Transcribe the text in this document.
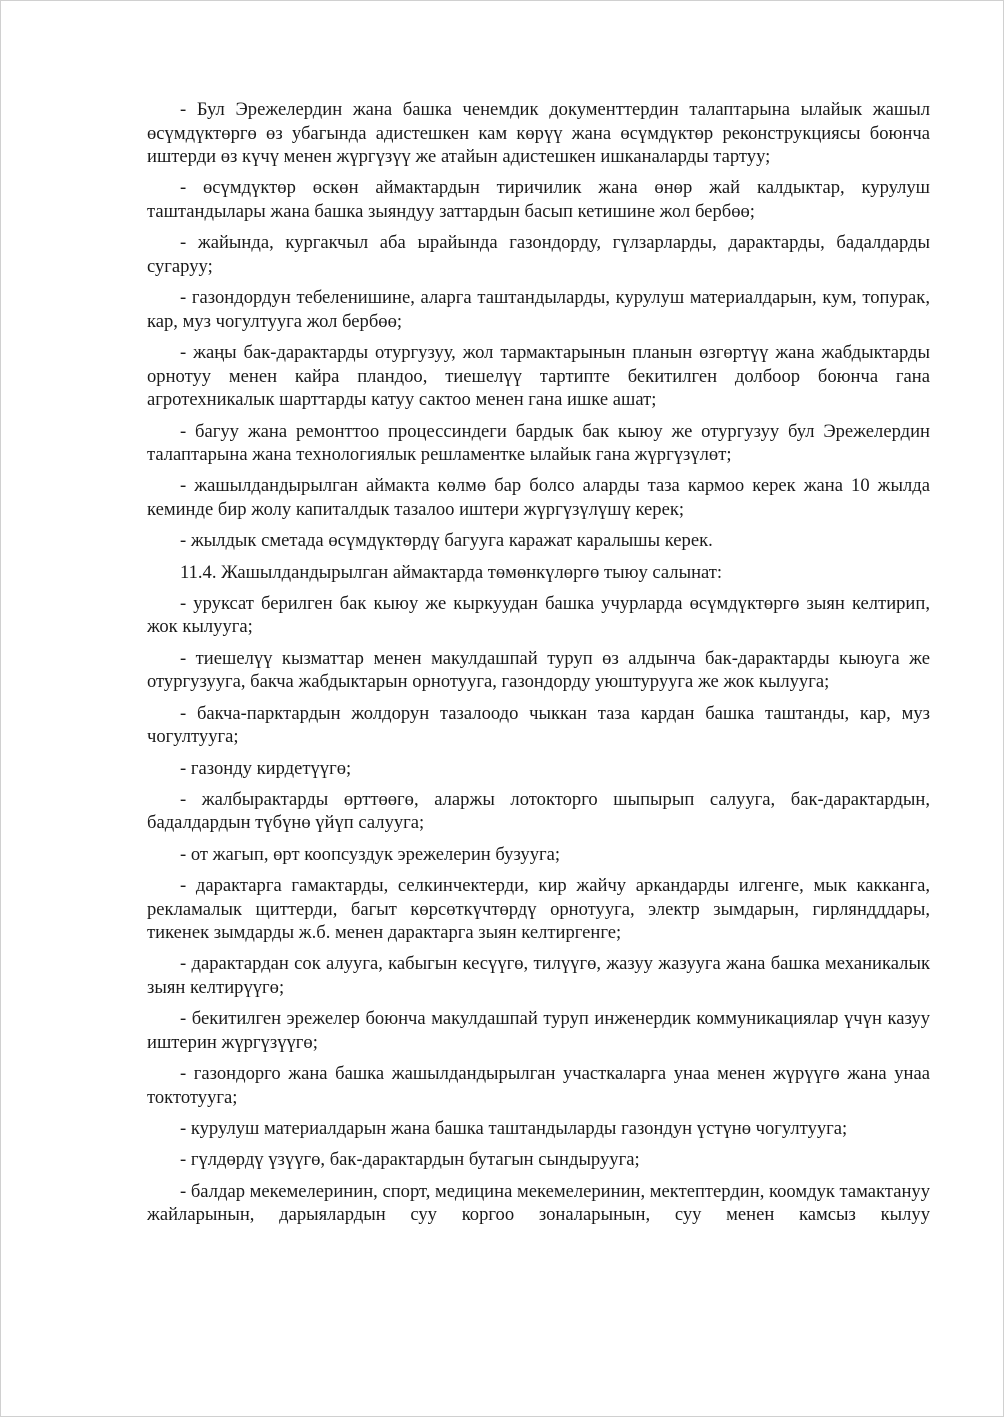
- Бул Эрежелердин жана башка ченемдик документтердин талаптарына ылайык жашыл өсүмдүктөргө өз убагында адистешкен кам көрүү жана өсүмдүктөр реконструкциясы боюнча иштерди өз күчү менен жүргүзүү же атайын адистешкен ишканаларды тартуу;

- өсүмдүктөр өскөн аймактардын тиричилик жана өнөр жай калдыктар, курулуш таштандылары жана башка зыяндуу заттардын басып кетишине жол бербөө;

- жайында, кургакчыл аба ырайында газондорду, гүлзарларды, дарактарды, бадалдарды сугаруу;

- газондордун тебеленишине, аларга таштандыларды, курулуш материалдарын, кум, топурак, кар, муз чогултууга жол бербөө;

- жаңы бак-дарактарды отургузуу, жол тармактарынын планын өзгөртүү жана жабдыктарды орнотуу менен кайра пландоо, тиешелүү тартипте бекитилген долбоор боюнча гана агротехникалык шарттарды катуу сактоо менен гана ишке ашат;

- багуу жана ремонттоо процессиндеги бардык бак кыюу же отургузуу бул Эрежелердин талаптарына жана технологиялык решламентке ылайык гана жүргүзүлөт;

- жашылдандырылган аймакта көлмө бар болсо аларды таза кармоо керек жана 10 жылда кеминде бир жолу капиталдык тазалоо иштери жүргүзүлүшү керек;

- жылдык сметада өсүмдүктөрдү багууга каражат каралышы керек.

11.4. Жашылдандырылган аймактарда төмөнкүлөргө тыюу салынат:

- уруксат берилген бак кыюу же кыркуудан башка учурларда өсүмдүктөргө зыян келтирип, жок кылууга;

- тиешелүү кызматтар менен макулдашпай туруп өз алдынча бак-дарактарды кыюуга же отургузууга, бакча жабдыктарын орнотууга, газондорду уюштурууга же жок кылууга;

- бакча-парктардын жолдорун тазалоодо чыккан таза кардан башка таштанды, кар, муз чогултууга;

- газонду кирдетүүгө;

- жалбырактарды өрттөөгө, аларжы лотокторго шыпырып салууга, бак-дарактардын, бадалдардын түбүнө үйүп салууга;

- от жагып, өрт коопсуздук эрежелерин бузууга;

- дарактарга гамактарды, селкинчектерди, кир жайчу аркандарды илгенге, мык какканга, рекламалык щиттерди, багыт көрсөткүчтөрдү орнотууга, электр зымдарын, гирляндддары, тикенек зымдарды ж.б. менен дарактарга зыян келтиргенге;

- дарактардан сок алууга, кабыгын кесүүгө, тилүүгө, жазуу жазууга жана башка механикалык зыян келтирүүгө;

- бекитилген эрежелер боюнча макулдашпай туруп инженердик коммуникациялар үчүн казуу иштерин жүргүзүүгө;

- газондорго жана башка жашылдандырылган участкаларга унаа менен жүрүүгө жана унаа токтотууга;

- курулуш материалдарын жана башка таштандыларды газондун үстүнө чогултууга;

- гүлдөрдү үзүүгө, бак-дарактардын бутагын сындырууга;

- балдар мекемелеринин, спорт, медицина мекемелеринин, мектептердин, коомдук тамактануу жайларынын, дарыялардын суу коргоо зоналарынын, суу менен камсыз кылуу
